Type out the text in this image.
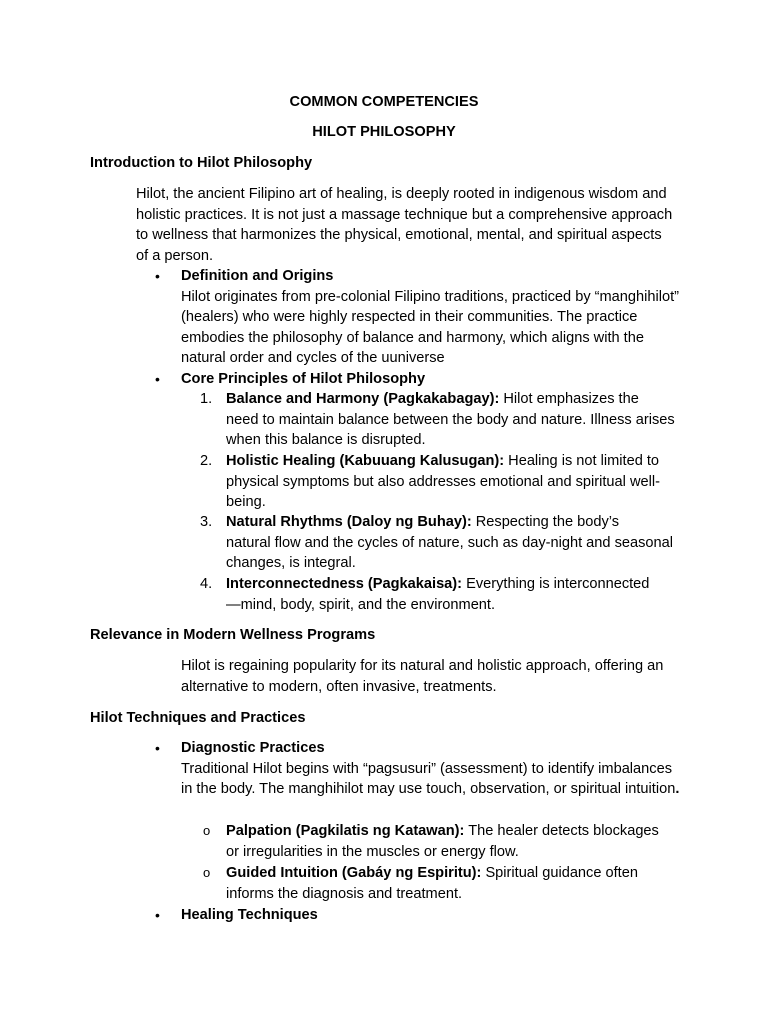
COMMON COMPETENCIES
HILOT PHILOSOPHY
Introduction to Hilot Philosophy
Hilot, the ancient Filipino art of healing, is deeply rooted in indigenous wisdom and holistic practices. It is not just a massage technique but a comprehensive approach to wellness that harmonizes the physical, emotional, mental, and spiritual aspects of a person.
•	Definition and Origins
Hilot originates from pre-colonial Filipino traditions, practiced by “manghihilot” (healers) who were highly respected in their communities. The practice embodies the philosophy of balance and harmony, which aligns with the natural order and cycles of the uuniverse
•	Core Principles of Hilot Philosophy
1. Balance and Harmony (Pagkakabagay): Hilot emphasizes the
need to maintain balance between the body and nature. Illness arises when this balance is disrupted.
2. Holistic Healing (Kabuuang Kalusugan): Healing is not limited to
physical symptoms but also addresses emotional and spiritual well-being.
3. Natural Rhythms (Daloy ng Buhay): Respecting the body’s
natural flow and the cycles of nature, such as day-night and seasonal changes, is integral.
4. Interconnectedness (Pagkakaisa): Everything is interconnected
—mind, body, spirit, and the environment.
Relevance in Modern Wellness Programs
Hilot is regaining popularity for its natural and holistic approach, offering an alternative to modern, often invasive, treatments.
Hilot Techniques and Practices
•	Diagnostic Practices
Traditional Hilot begins with “pagsusuri” (assessment) to identify imbalances in the body. The manghihilot may use touch, observation, or spiritual intuition.
o	Palpation (Pagkilatis ng Katawan): The healer detects blockages
or irregularities in the muscles or energy flow.
o	Guided Intuition (Gabáy ng Espiritu): Spiritual guidance often
informs the diagnosis and treatment.
•	Healing Techniques
